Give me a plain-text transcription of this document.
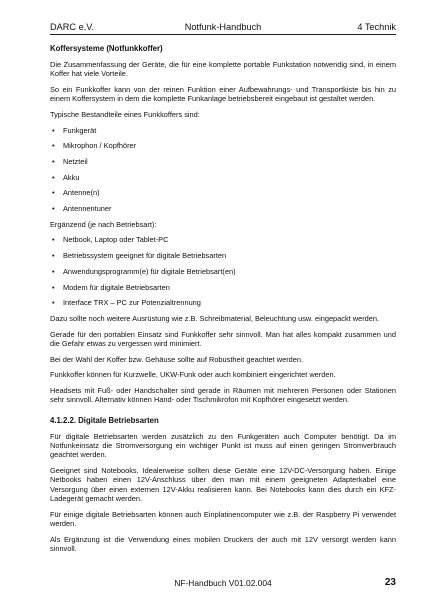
DARC e.V.	Notfunk-Handbuch	4 Technik
Koffersysteme (Notfunkkoffer)

Die Zusammenfassung der Geräte, die für eine komplette portable Funkstation notwendig sind, in einem Koffer hat viele Vorteile.

So ein Funkkoffer kann von der reinen Funktion einer Aufbewahrungs- und Transportkiste bis hin zu einem Koffersystem in dem die komplette Funkanlage betriebsbereit eingebaut ist gestaltet werden.

Typische Bestandteile eines Funkkoffers sind:

• Funkgerät
• Mikrophon / Kopfhörer
• Netzteil
• Akku
• Antenne(n)
• Antennentuner

Ergänzend (je nach Betriebsart):

• Netbook, Laptop oder Tablet-PC
• Betriebssystem geeignet für digitale Betriebsarten
• Anwendungsprogramm(e) für digitale Betriebsart(en)
• Modem für digitale Betriebsarten
• Interface TRX – PC zur Potenzialtrennung

Dazu sollte noch weitere Ausrüstung wie z.B. Schreibmaterial, Beleuchtung usw. eingepackt werden.

Gerade für den portablen Einsatz sind Funkkoffer sehr sinnvoll. Man hat alles kompakt zusammen und die Gefahr etwas zu vergessen wird minimiert.

Bei der Wahl der Koffer bzw. Gehäuse sollte auf Robustheit geachtet werden.

Funkkoffer können für Kurzwelle, UKW-Funk oder auch kombiniert eingerichtet werden.

Headsets mit Fuß- oder Handschalter sind gerade in Räumen mit mehreren Personen oder Stationen sehr sinnvoll. Alternativ können Hand- oder Tischmikrofon mit Kopfhörer eingesetzt werden.

4.1.2.2. Digitale Betriebsarten

Für digitale Betriebsarten werden zusätzlich zu den Funkgeräten auch Computer benötigt. Da im Notfunkeinsatz die Stromversorgung ein wichtiger Punkt ist muss auf einen geringen Stromverbrauch geachtet werden.

Geeignet sind Notebooks. Idealerweise sollten diese Geräte eine 12V-DC-Versorgung haben. Einige Netbooks haben einen 12V-Anschluss über den man mit einem geeigneten Adapterkabel eine Versorgung über einen externen 12V-Akku realisieren kann. Bei Notebooks kann dies durch ein KFZ-Ladegerät gemacht werden.

Für einige digitale Betriebsarten können auch Einplatinencomputer wie z.B. der Raspberry Pi verwendet werden.

Als Ergänzung ist die Verwendung eines mobilen Druckers der auch mit 12V versorgt werden kann sinnvoll.

NF-Handbuch V01.02.004	23
